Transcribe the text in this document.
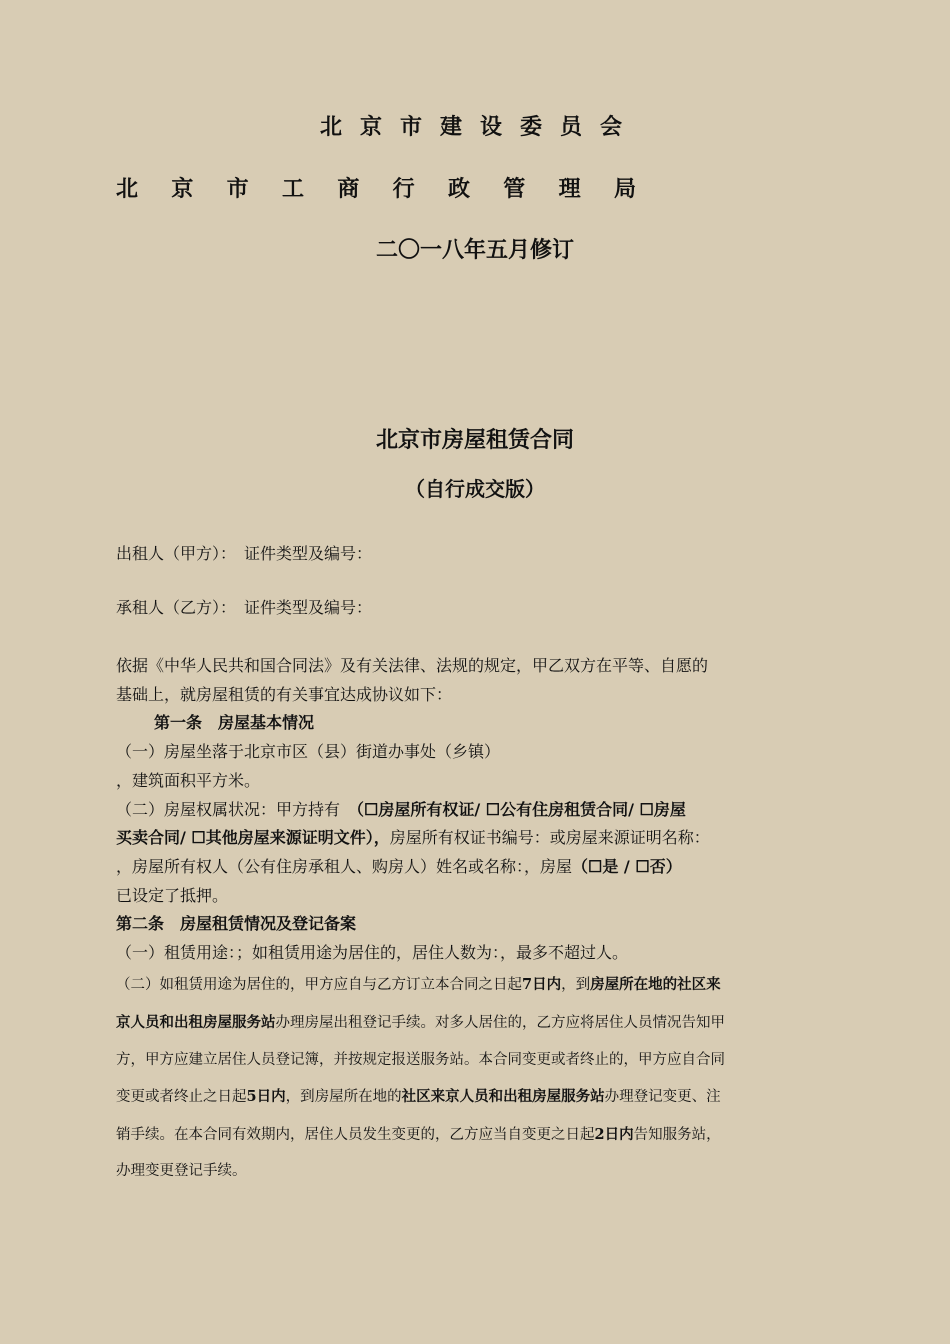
北京市建设委员会

北 京 市 工 商 行 政 管 理 局

二〇一八年五月修订

北京市房屋租赁合同

（自行成交版）

出租人（甲方）：　证件类型及编号：

承租人（乙方）：　证件类型及编号：

依据《中华人民共和国合同法》及有关法律、法规的规定，甲乙双方在平等、自愿的

基础上，就房屋租赁的有关事宜达成协议如下：

第一条　房屋基本情况

（一）房屋坐落于北京市区（县）街道办事处（乡镇）

，建筑面积平方米。

（二）房屋权属状况：甲方持有　（☐房屋所有权证/ ☐公有住房租赁合同/ ☐房屋

买卖合同/ ☐其他房屋来源证明文件），房屋所有权证书编号：或房屋来源证明名称：

，房屋所有权人（公有住房承租人、购房人）姓名或名称：，房屋（☐是 / ☐否）

已设定了抵押。

第二条　房屋租赁情况及登记备案

（一）租赁用途：；如租赁用途为居住的，居住人数为：，最多不超过人。

（二）如租赁用途为居住的，甲方应自与乙方订立本合同之日起7日内，到房屋所在地的社区来

京人员和出租房屋服务站办理房屋出租登记手续。对多人居住的，乙方应将居住人员情况告知甲

方，甲方应建立居住人员登记簿，并按规定报送服务站。本合同变更或者终止的，甲方应自合同

变更或者终止之日起5日内，到房屋所在地的社区来京人员和出租房屋服务站办理登记变更、注

销手续。在本合同有效期内，居住人员发生变更的，乙方应当自变更之日起2日内告知服务站，

办理变更登记手续。
